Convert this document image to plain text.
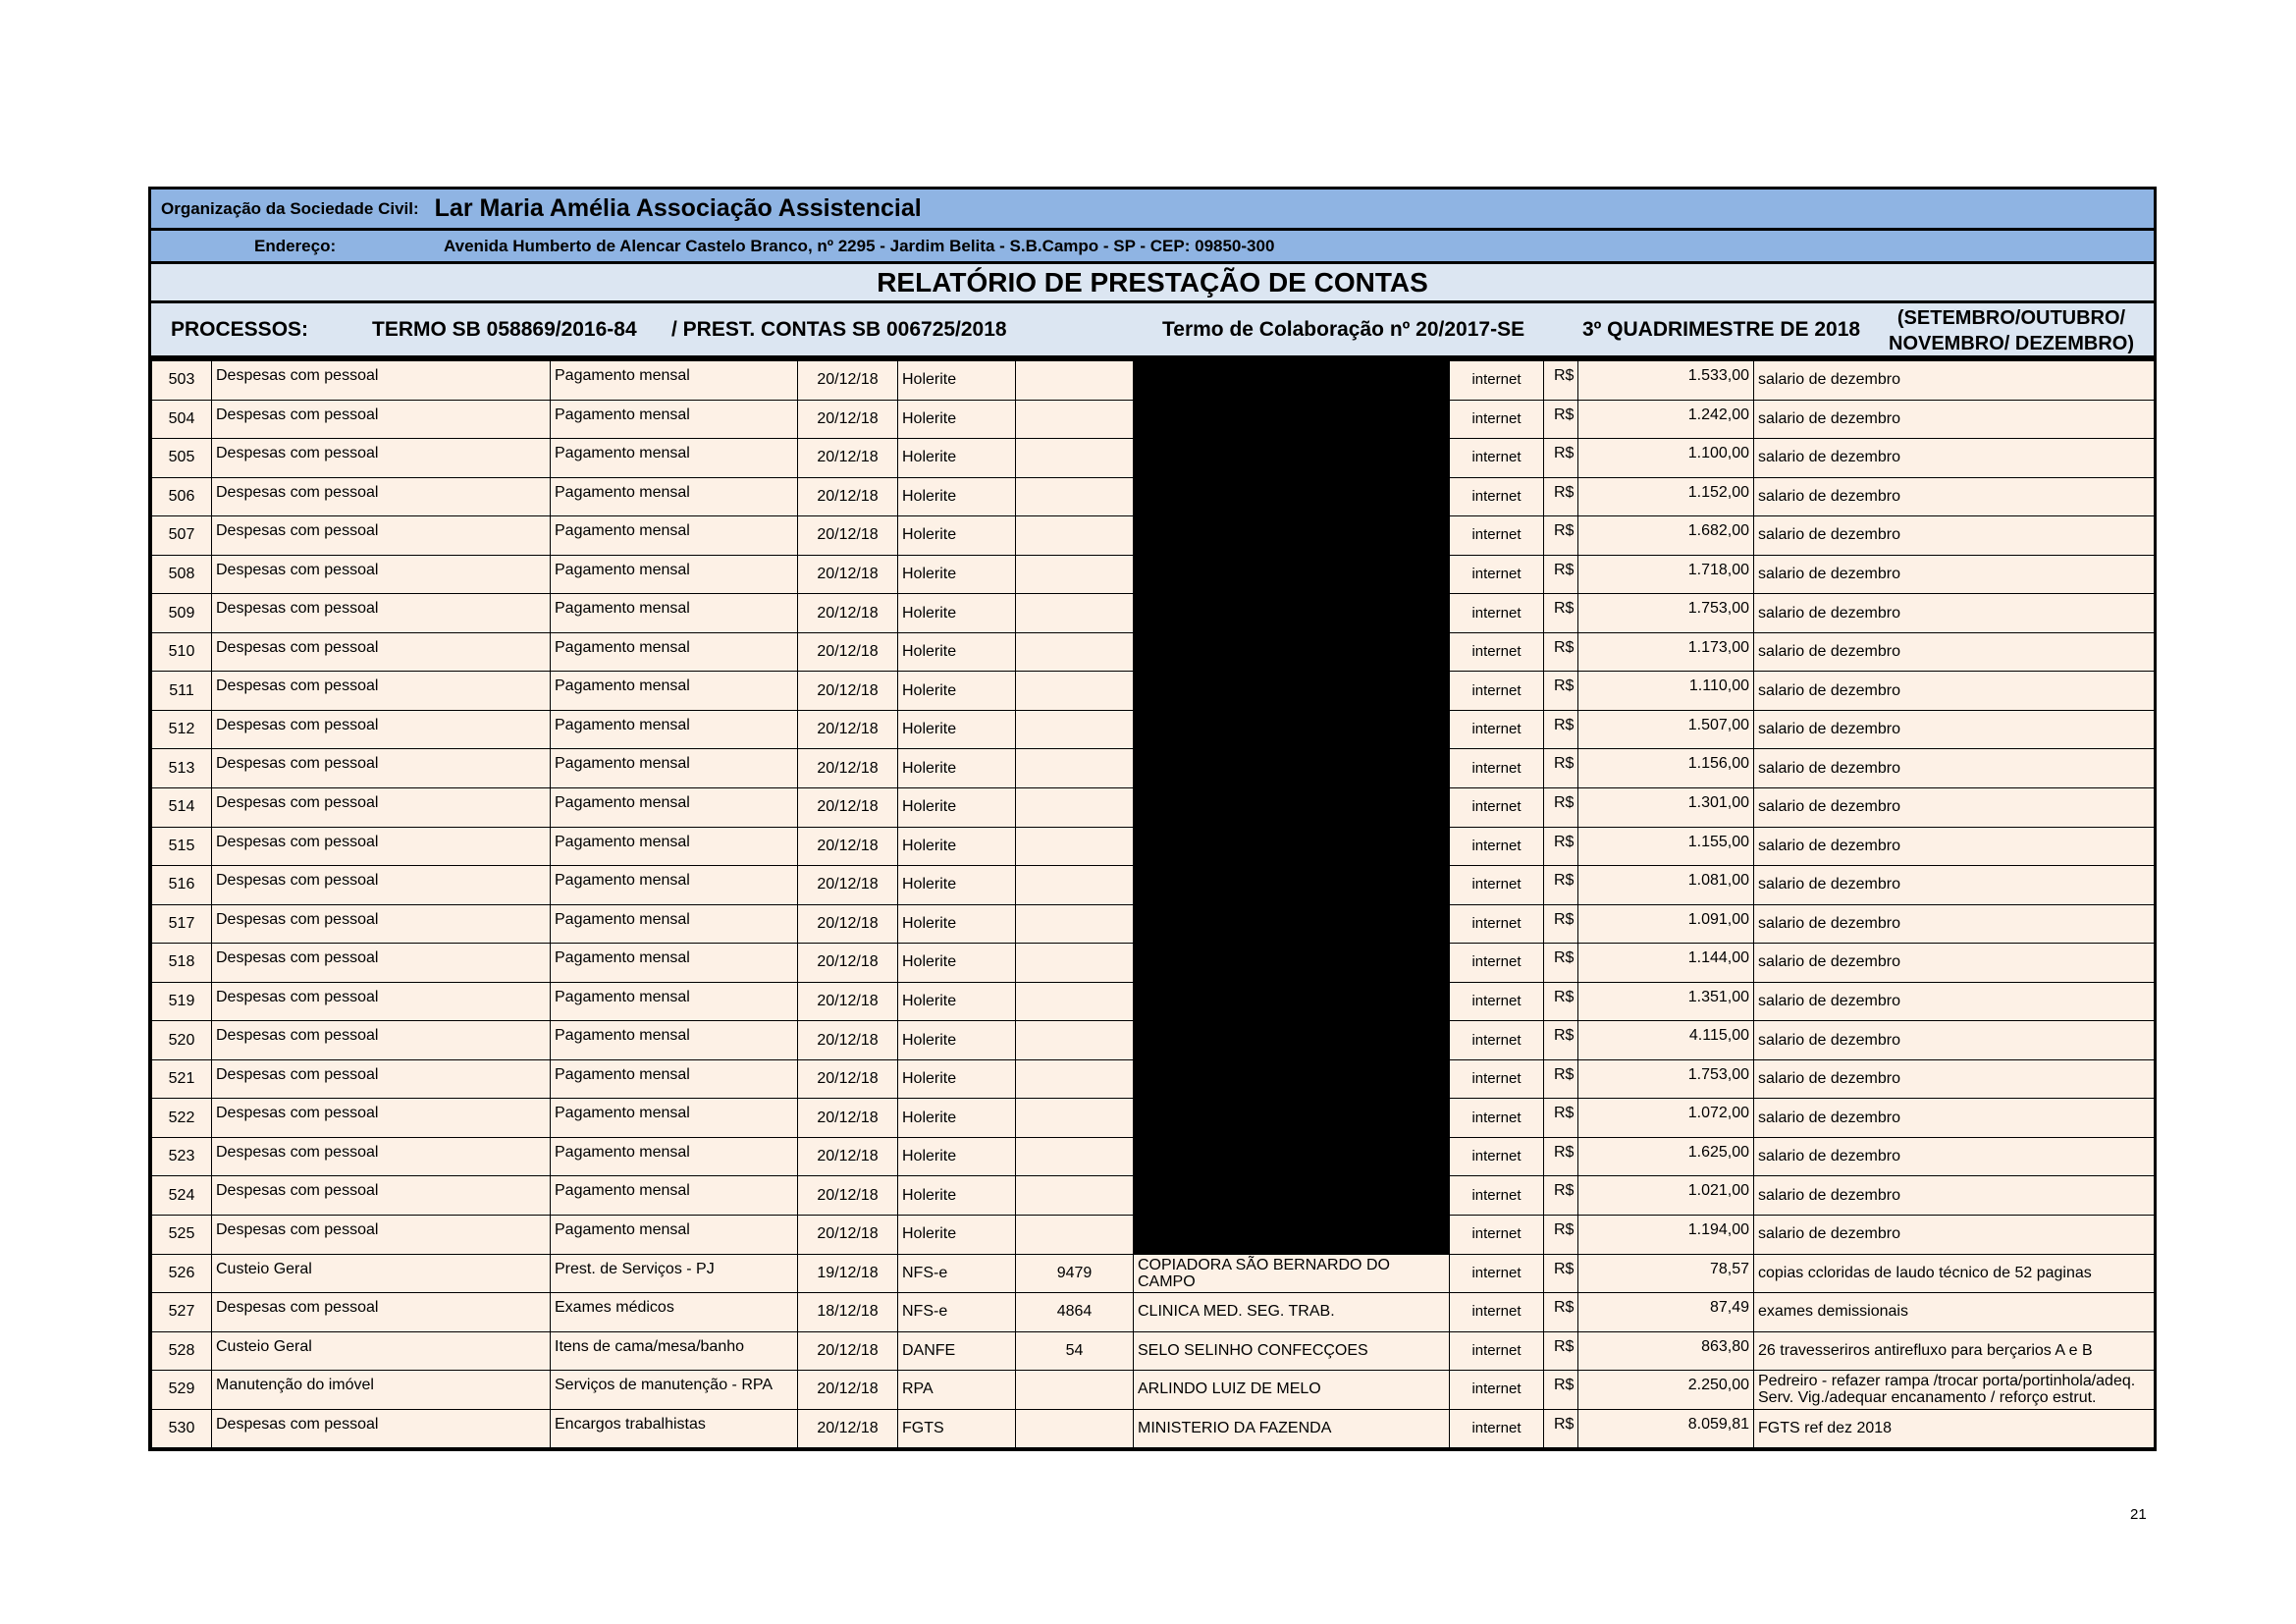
Organização da Sociedade Civil: Lar Maria Amélia Associação Assistencial
Endereço:	Avenida Humberto de Alencar Castelo Branco, nº 2295 - Jardim Belita - S.B.Campo - SP - CEP: 09850-300
RELATÓRIO DE PRESTAÇÃO DE CONTAS
PROCESSOS:	TERMO SB 058869/2016-84 / PREST. CONTAS SB 006725/2018	Termo de Colaboração nº 20/2017-SE	3º QUADRIMESTRE DE 2018	(SETEMBRO/OUTUBRO/
NOVEMBRO/ DEZEMBRO)
503	Despesas com pessoal	Pagamento mensal	20/12/18	Holerite			internet	R$	1.533,00	salario de dezembro
504	Despesas com pessoal	Pagamento mensal	20/12/18	Holerite			internet	R$	1.242,00	salario de dezembro
505	Despesas com pessoal	Pagamento mensal	20/12/18	Holerite			internet	R$	1.100,00	salario de dezembro
506	Despesas com pessoal	Pagamento mensal	20/12/18	Holerite			internet	R$	1.152,00	salario de dezembro
507	Despesas com pessoal	Pagamento mensal	20/12/18	Holerite			internet	R$	1.682,00	salario de dezembro
508	Despesas com pessoal	Pagamento mensal	20/12/18	Holerite			internet	R$	1.718,00	salario de dezembro
509	Despesas com pessoal	Pagamento mensal	20/12/18	Holerite			internet	R$	1.753,00	salario de dezembro
510	Despesas com pessoal	Pagamento mensal	20/12/18	Holerite			internet	R$	1.173,00	salario de dezembro
511	Despesas com pessoal	Pagamento mensal	20/12/18	Holerite			internet	R$	1.110,00	salario de dezembro
512	Despesas com pessoal	Pagamento mensal	20/12/18	Holerite			internet	R$	1.507,00	salario de dezembro
513	Despesas com pessoal	Pagamento mensal	20/12/18	Holerite			internet	R$	1.156,00	salario de dezembro
514	Despesas com pessoal	Pagamento mensal	20/12/18	Holerite			internet	R$	1.301,00	salario de dezembro
515	Despesas com pessoal	Pagamento mensal	20/12/18	Holerite			internet	R$	1.155,00	salario de dezembro
516	Despesas com pessoal	Pagamento mensal	20/12/18	Holerite			internet	R$	1.081,00	salario de dezembro
517	Despesas com pessoal	Pagamento mensal	20/12/18	Holerite			internet	R$	1.091,00	salario de dezembro
518	Despesas com pessoal	Pagamento mensal	20/12/18	Holerite			internet	R$	1.144,00	salario de dezembro
519	Despesas com pessoal	Pagamento mensal	20/12/18	Holerite			internet	R$	1.351,00	salario de dezembro
520	Despesas com pessoal	Pagamento mensal	20/12/18	Holerite			internet	R$	4.115,00	salario de dezembro
521	Despesas com pessoal	Pagamento mensal	20/12/18	Holerite			internet	R$	1.753,00	salario de dezembro
522	Despesas com pessoal	Pagamento mensal	20/12/18	Holerite			internet	R$	1.072,00	salario de dezembro
523	Despesas com pessoal	Pagamento mensal	20/12/18	Holerite			internet	R$	1.625,00	salario de dezembro
524	Despesas com pessoal	Pagamento mensal	20/12/18	Holerite			internet	R$	1.021,00	salario de dezembro
525	Despesas com pessoal	Pagamento mensal	20/12/18	Holerite			internet	R$	1.194,00	salario de dezembro
526	Custeio Geral	Prest. de Serviços - PJ	19/12/18	NFS-e	9479	COPIADORA SÃO BERNARDO DO CAMPO	internet	R$	78,57	copias ccloridas de laudo técnico de 52 paginas
527	Despesas com pessoal	Exames médicos	18/12/18	NFS-e	4864	CLINICA MED. SEG. TRAB.	internet	R$	87,49	exames demissionais
528	Custeio Geral	Itens de cama/mesa/banho	20/12/18	DANFE	54	SELO SELINHO CONFECÇOES	internet	R$	863,80	26 travesseriros antirefluxo para berçarios A e B
529	Manutenção do imóvel	Serviços de manutenção - RPA	20/12/18	RPA		ARLINDO LUIZ DE MELO	internet	R$	2.250,00	Pedreiro - refazer rampa /trocar porta/portinhola/adeq. Serv. Vig./adequar encanamento / reforço estrut.
530	Despesas com pessoal	Encargos trabalhistas	20/12/18	FGTS		MINISTERIO DA FAZENDA	internet	R$	8.059,81	FGTS ref dez 2018
21
